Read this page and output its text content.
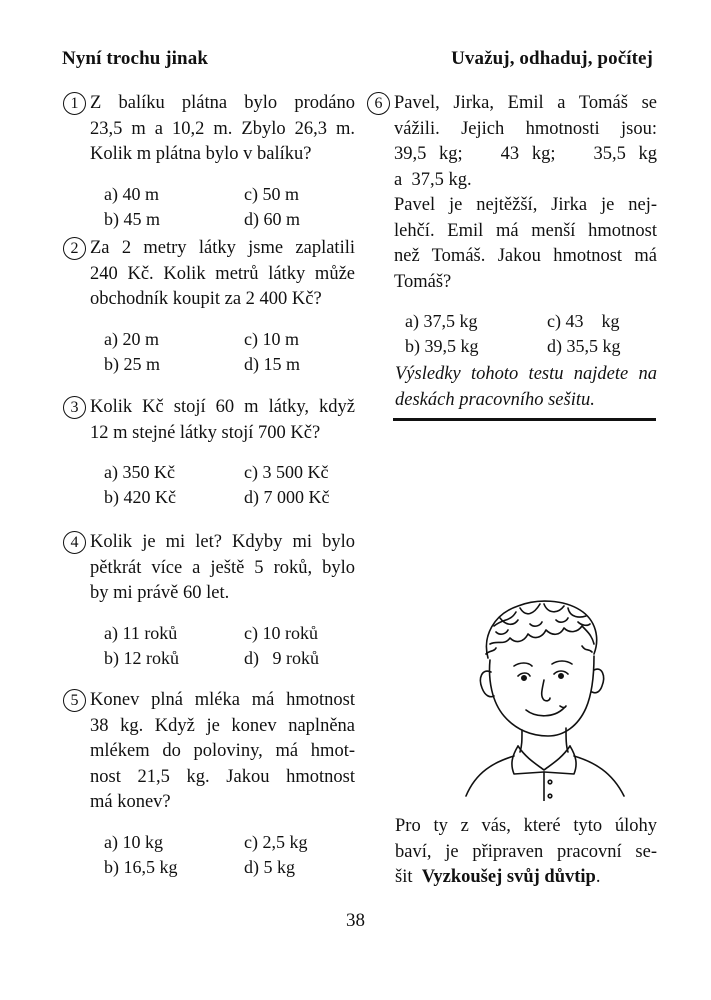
Nyní trochu jinak	Uvažuj, odhaduj, počítej
1 Z balíku plátna bylo prodáno
23,5 m a 10,2 m. Zbylo 26,3 m.
Kolik m plátna bylo v balíku?
a) 40 m
b) 45 m
c) 50 m
d) 60 m
2 Za 2 metry látky jsme zaplatili
240 Kč. Kolik metrů látky může
obchodník koupit za 2 400 Kč?
a) 20 m
b) 25 m
c) 10 m
d) 15 m
3 Kolik Kč stojí 60 m látky, když
12 m stejné látky stojí 700 Kč?
a) 350 Kč
b) 420 Kč
c) 3 500 Kč
d) 7 000 Kč
4 Kolik je mi let? Kdyby mi bylo
pětkrát více a ještě 5 roků, bylo
by mi právě 60 let.
a) 11 roků
b) 12 roků
c) 10 roků
d)   9 roků
5 Konev plná mléka má hmotnost
38 kg. Když je konev naplněna
mlékem do poloviny, má hmot-
nost 21,5 kg. Jakou hmotnost
má konev?
a) 10 kg
b) 16,5 kg
c) 2,5 kg
d) 5 kg
6 Pavel, Jirka, Emil a Tomáš se
vážili. Jejich hmotnosti jsou:
39,5 kg;   43 kg;   35,5 kg
a  37,5 kg.
Pavel je nejtěžší, Jirka je nej-
lehčí. Emil má menší hmotnost
než Tomáš. Jakou hmotnost má
Tomáš?
a) 37,5 kg
b) 39,5 kg
c) 43    kg
d) 35,5 kg
Výsledky tohoto testu najdete na
deskách pracovního sešitu.
Pro ty z vás, které tyto úlohy
baví, je připraven pracovní se-
šit Vyzkoušej svůj důvtip.
38
